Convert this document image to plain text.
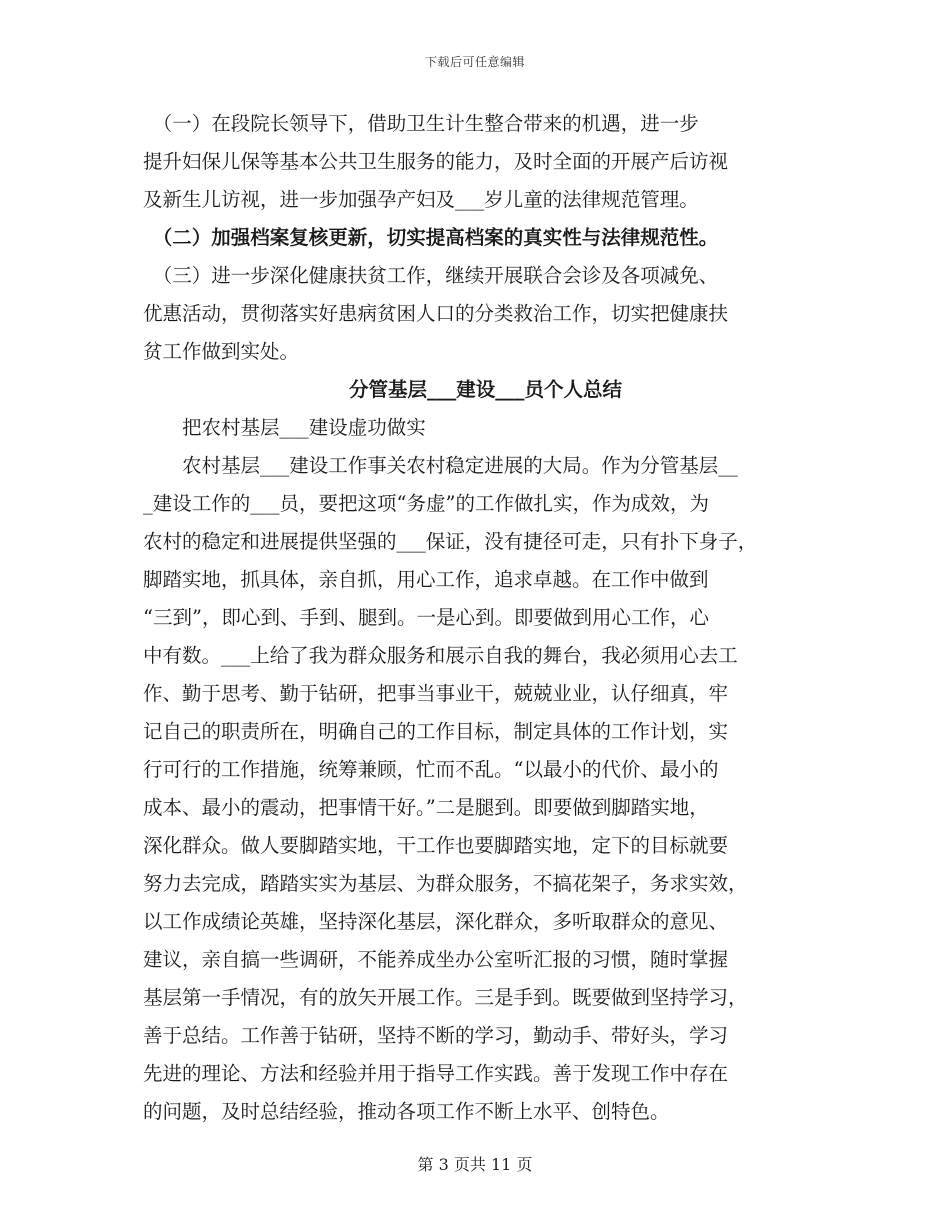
下载后可任意编辑
　（一）在段院长领导下，借助卫生计生整合带来的机遇，进一步
提升妇保儿保等基本公共卫生服务的能力，及时全面的开展产后访视
及新生儿访视，进一步加强孕产妇及___岁儿童的法律规范管理。
　（二）加强档案复核更新，切实提高档案的真实性与法律规范性。
　（三）进一步深化健康扶贫工作，继续开展联合会诊及各项减免、
优惠活动，贯彻落实好患病贫困人口的分类救治工作，切实把健康扶
贫工作做到实处。
分管基层___建设___员个人总结
　　把农村基层___建设虚功做实
　　农村基层___建设工作事关农村稳定进展的大局。作为分管基层__
_建设工作的___员，要把这项“务虚”的工作做扎实，作为成效，为
农村的稳定和进展提供坚强的___保证，没有捷径可走，只有扑下身子，
脚踏实地，抓具体，亲自抓，用心工作，追求卓越。在工作中做到
“三到”，即心到、手到、腿到。一是心到。即要做到用心工作，心
中有数。___上给了我为群众服务和展示自我的舞台，我必须用心去工
作、勤于思考、勤于钻研，把事当事业干，兢兢业业，认仔细真，牢
记自己的职责所在，明确自己的工作目标，制定具体的工作计划，实
行可行的工作措施，统筹兼顾，忙而不乱。“以最小的代价、最小的
成本、最小的震动，把事情干好。”二是腿到。即要做到脚踏实地，
深化群众。做人要脚踏实地，干工作也要脚踏实地，定下的目标就要
努力去完成，踏踏实实为基层、为群众服务，不搞花架子，务求实效，
以工作成绩论英雄，坚持深化基层，深化群众，多听取群众的意见、
建议，亲自搞一些调研，不能养成坐办公室听汇报的习惯，随时掌握
基层第一手情况，有的放矢开展工作。三是手到。既要做到坚持学习，
善于总结。工作善于钻研，坚持不断的学习，勤动手、带好头，学习
先进的理论、方法和经验并用于指导工作实践。善于发现工作中存在
的问题，及时总结经验，推动各项工作不断上水平、创特色。
第 3 页共 11 页
